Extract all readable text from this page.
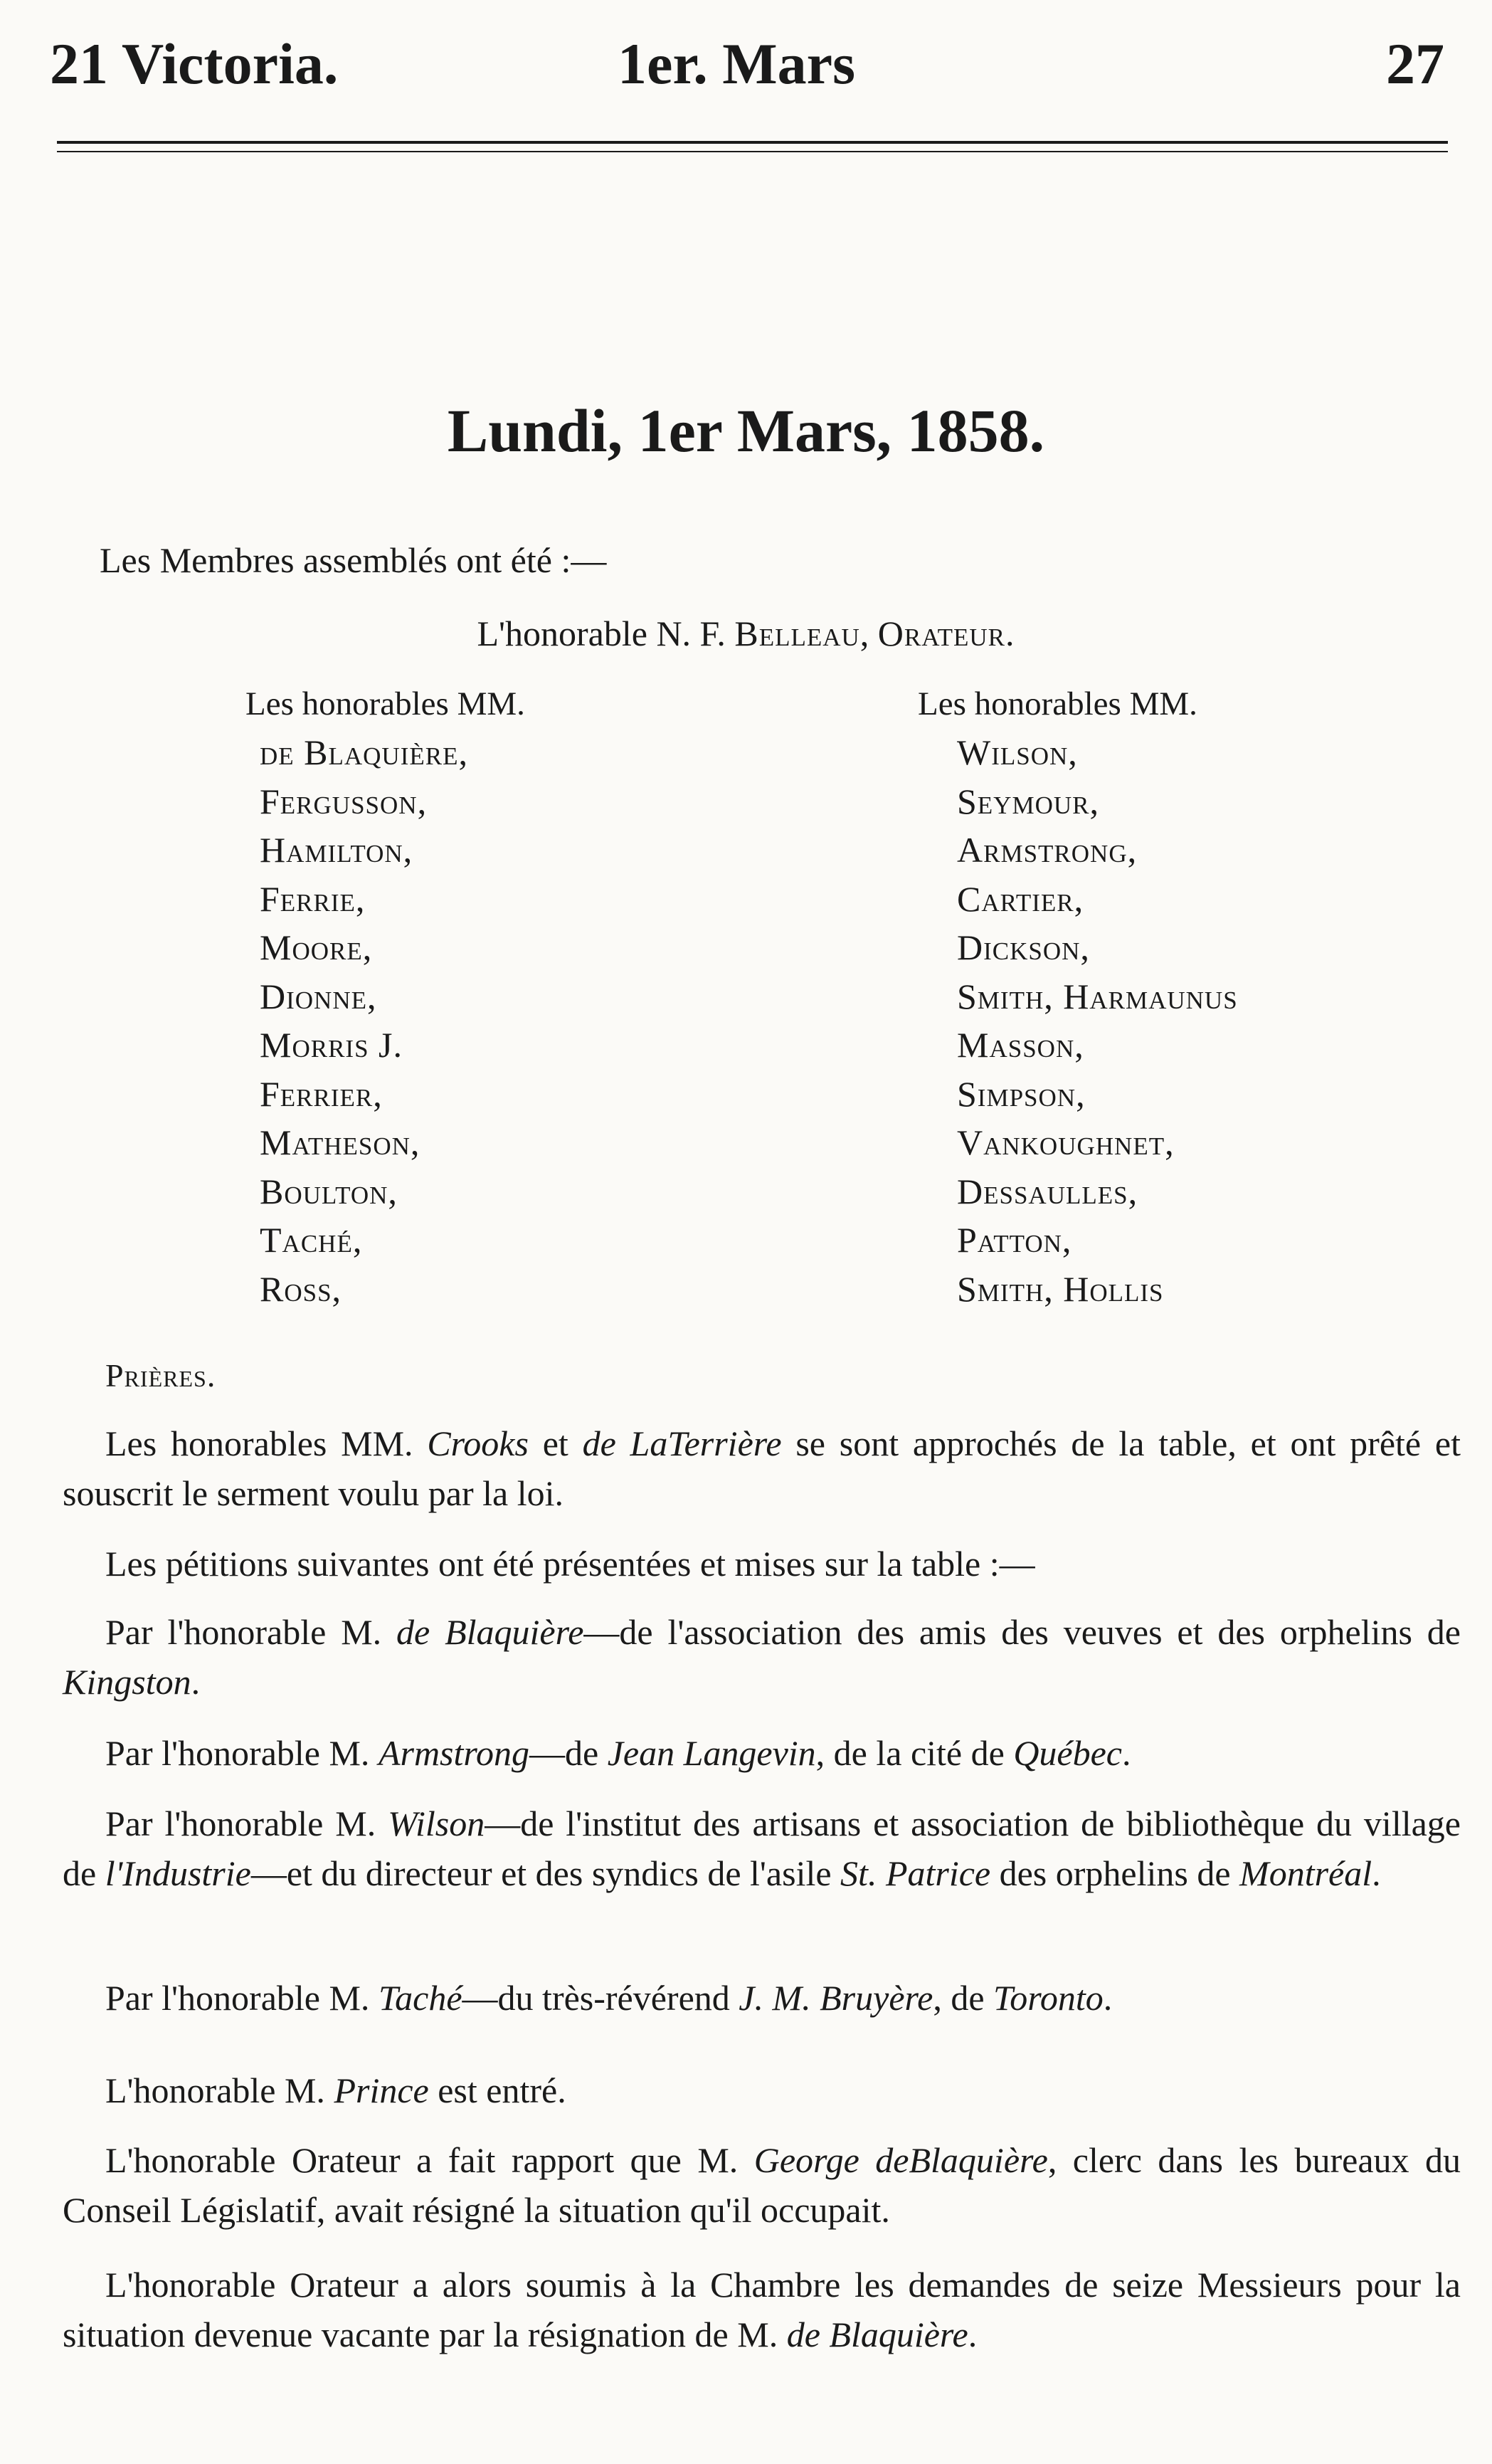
21 Victoria.	1er. Mars	27
Lundi, 1er Mars, 1858.
Les Membres assemblés ont été :—
L'honorable N. F. Belleau, Orateur.
Les honorables MM.
de Blaquière,
Fergusson,
Hamilton,
Ferrie,
Moore,
Dionne,
Morris J.
Ferrier,
Matheson,
Boulton,
Taché,
Ross,
Les honorables MM.
Wilson,
Seymour,
Armstrong,
Cartier,
Dickson,
Smith, Harmaunus
Masson,
Simpson,
Vankoughnet,
Dessaulles,
Patton,
Smith, Hollis
Prières.
Les honorables MM. Crooks et de LaTerrière se sont approchés de la table, et ont prêté et souscrit le serment voulu par la loi.
Les pétitions suivantes ont été présentées et mises sur la table :—
Par l'honorable M. de Blaquière—de l'association des amis des veuves et des orphelins de Kingston.
Par l'honorable M. Armstrong—de Jean Langevin, de la cité de Québec.
Par l'honorable M. Wilson—de l'institut des artisans et association de bibliothèque du village de l'Industrie—et du directeur et des syndics de l'asile St. Patrice des orphelins de Montréal.
Par l'honorable M. Taché—du très-révérend J. M. Bruyère, de Toronto.
L'honorable M. Prince est entré.
L'honorable Orateur a fait rapport que M. George deBlaquière, clerc dans les bureaux du Conseil Législatif, avait résigné la situation qu'il occupait.
L'honorable Orateur a alors soumis à la Chambre les demandes de seize Messieurs pour la situation devenue vacante par la résignation de M. de Blaquière.
